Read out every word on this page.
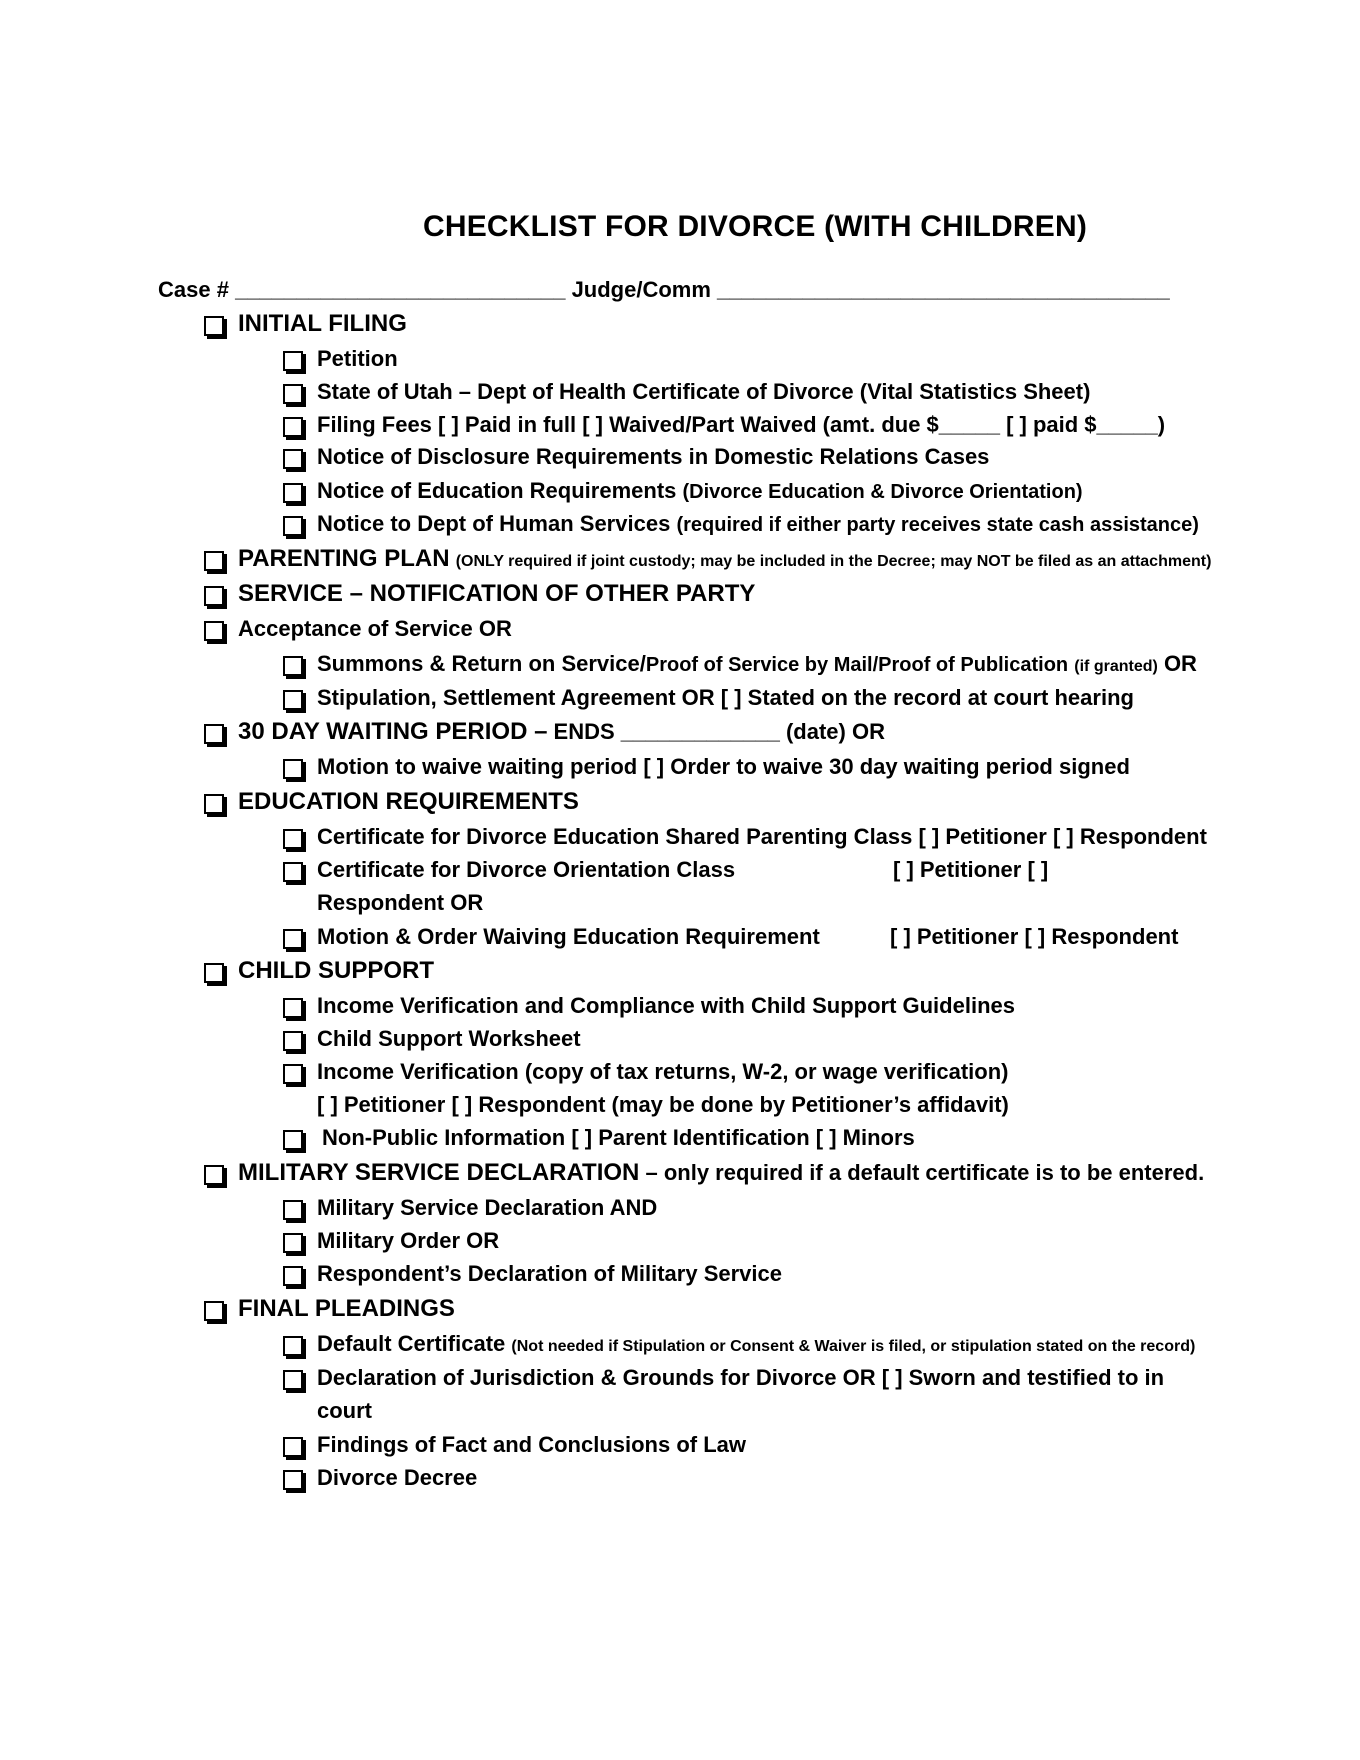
CHECKLIST FOR DIVORCE (WITH CHILDREN)
Case # ___________________________ Judge/Comm _____________________________________
INITIAL FILING
Petition
State of Utah – Dept of Health Certificate of Divorce (Vital Statistics Sheet)
Filing Fees [ ] Paid in full [ ] Waived/Part Waived (amt. due $_____ [ ] paid $_____)
Notice of Disclosure Requirements in Domestic Relations Cases
Notice of Education Requirements (Divorce Education & Divorce Orientation)
Notice to Dept of Human Services (required if either party receives state cash assistance)
PARENTING PLAN (ONLY required if joint custody; may be included in the Decree; may NOT be filed as an attachment)
SERVICE – NOTIFICATION OF OTHER PARTY
Acceptance of Service OR
Summons & Return on Service/Proof of Service by Mail/Proof of Publication (if granted) OR
Stipulation, Settlement Agreement OR [ ] Stated on the record at court hearing
30 DAY WAITING PERIOD – ENDS _____________ (date) OR
Motion to waive waiting period [ ] Order to waive 30 day waiting period signed
EDUCATION REQUIREMENTS
Certificate for Divorce Education Shared Parenting Class [ ] Petitioner [ ] Respondent
Certificate for Divorce Orientation Class	[ ] Petitioner [ ]
Respondent OR
Motion & Order Waiving Education Requirement	[ ] Petitioner [ ] Respondent
CHILD SUPPORT
Income Verification and Compliance with Child Support Guidelines
Child Support Worksheet
Income Verification (copy of tax returns, W-2, or wage verification)
[ ] Petitioner [ ] Respondent (may be done by Petitioner’s affidavit)
Non-Public Information [ ] Parent Identification [ ] Minors
MILITARY SERVICE DECLARATION – only required if a default certificate is to be entered.
Military Service Declaration AND
Military Order OR
Respondent’s Declaration of Military Service
FINAL PLEADINGS
Default Certificate (Not needed if Stipulation or Consent & Waiver is filed, or stipulation stated on the record)
Declaration of Jurisdiction & Grounds for Divorce OR [ ] Sworn and testified to in
court
Findings of Fact and Conclusions of Law
Divorce Decree
